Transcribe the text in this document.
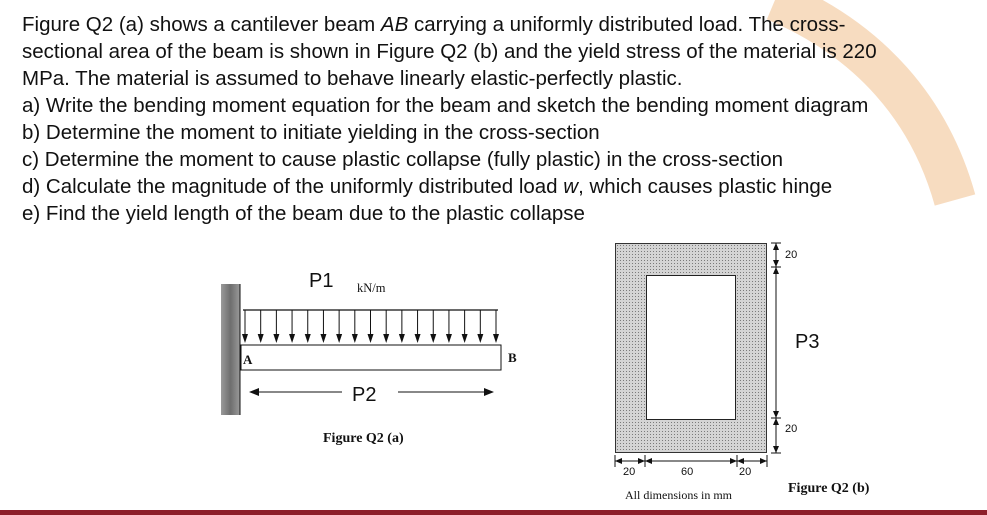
Figure Q2 (a) shows a cantilever beam AB carrying a uniformly distributed load. The cross-

sectional area of the beam is shown in Figure Q2 (b) and the yield stress of the material is 220

MPa. The material is assumed to behave linearly elastic-perfectly plastic.

a) Write the bending moment equation for the beam and sketch the bending moment diagram

b) Determine the moment to initiate yielding in the cross-section

c) Determine the moment to cause plastic collapse (fully plastic) in the cross-section

d) Calculate the magnitude of the uniformly distributed load w, which causes plastic hinge

e) Find the yield length of the beam due to the plastic collapse

P1 kN/m
A	B
P2
Figure Q2 (a)
20
P3
20
20	60	20
All dimensions in mm	Figure Q2 (b)
